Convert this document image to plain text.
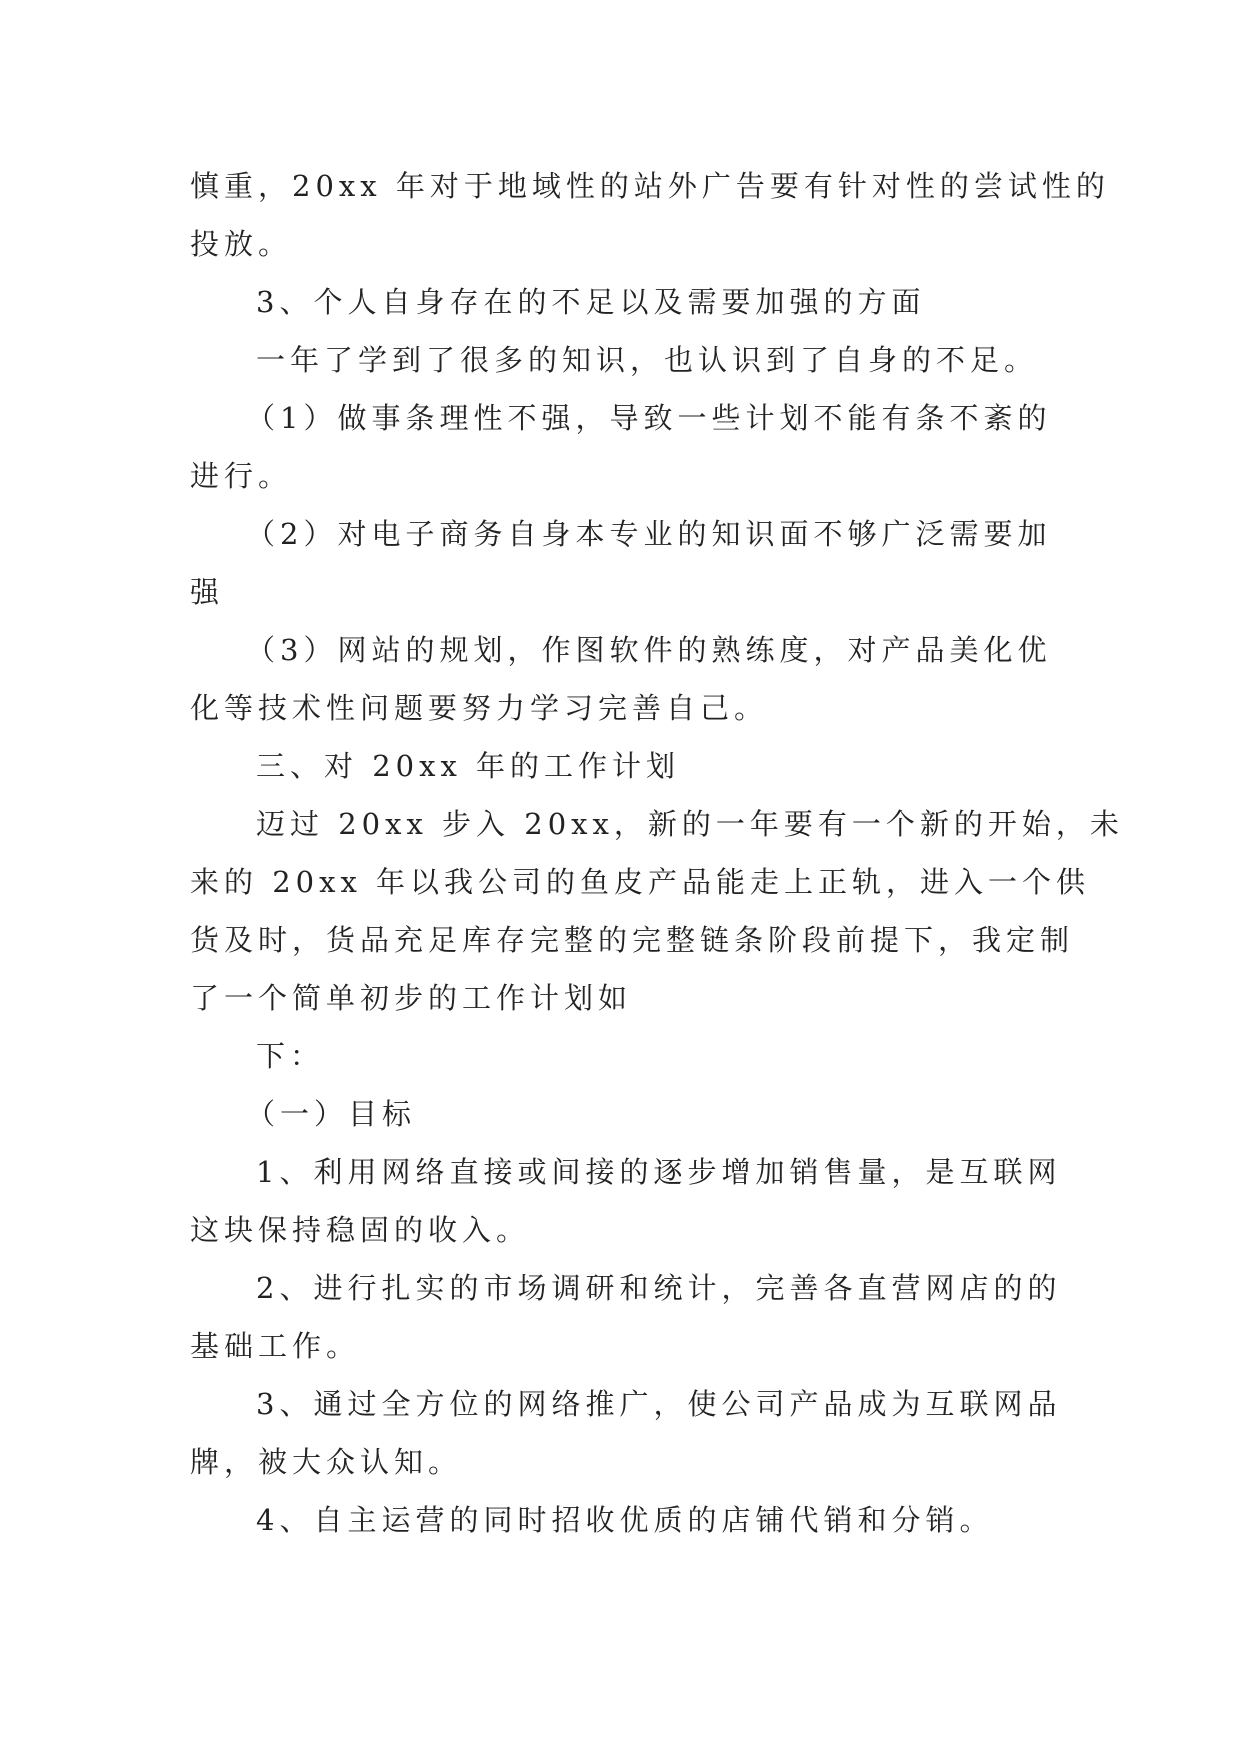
慎重，20xx 年对于地域性的站外广告要有针对性的尝试性的
投放。
3、个人自身存在的不足以及需要加强的方面
一年了学到了很多的知识，也认识到了自身的不足。
（1）做事条理性不强，导致一些计划不能有条不紊的
进行。
（2）对电子商务自身本专业的知识面不够广泛需要加
强
（3）网站的规划，作图软件的熟练度，对产品美化优
化等技术性问题要努力学习完善自己。
三、对 20xx 年的工作计划
迈过 20xx 步入 20xx，新的一年要有一个新的开始，未
来的 20xx 年以我公司的鱼皮产品能走上正轨，进入一个供
货及时，货品充足库存完整的完整链条阶段前提下，我定制
了一个简单初步的工作计划如
下：
（一）目标
1、利用网络直接或间接的逐步增加销售量，是互联网
这块保持稳固的收入。
2、进行扎实的市场调研和统计，完善各直营网店的的
基础工作。
3、通过全方位的网络推广，使公司产品成为互联网品
牌，被大众认知。
4、自主运营的同时招收优质的店铺代销和分销。
